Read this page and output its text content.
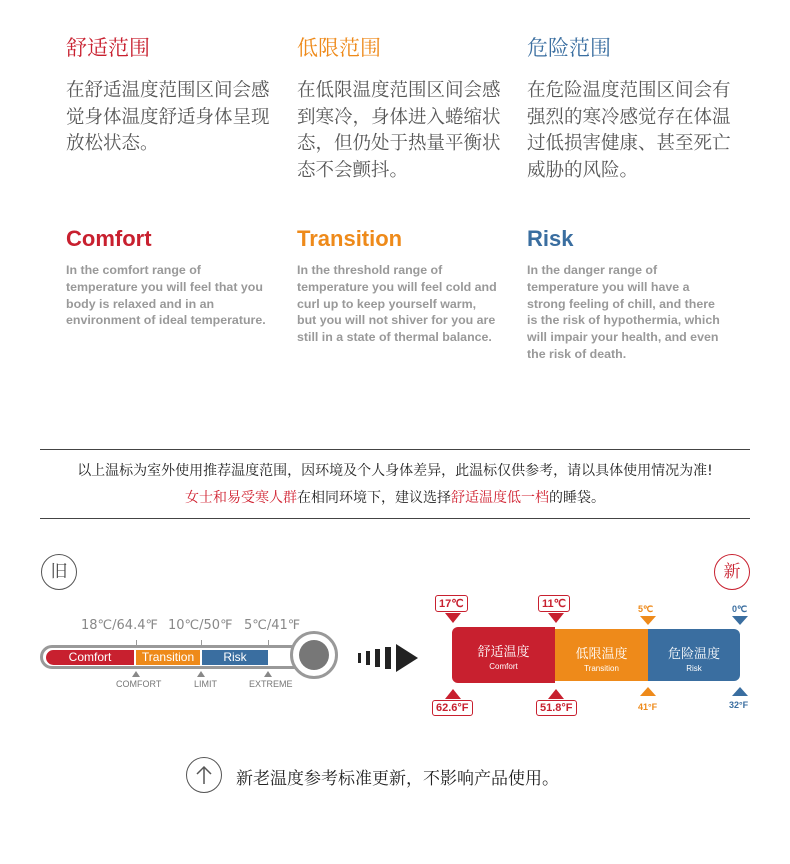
舒适范围
在舒适温度范围区间会感觉身体温度舒适身体呈现放松状态。
Comfort
In the comfort range of temperature you will feel that you body is relaxed and in an environment of ideal temperature.
低限范围
在低限温度范围区间会感到寒冷，身体进入蜷缩状态，但仍处于热量平衡状态不会颤抖。
Transition
In the threshold range of temperature you will feel cold and curl up to keep yourself warm, but you will not shiver for you are still in a state of thermal balance.
危险范围
在危险温度范围区间会有强烈的寒冷感觉存在体温过低损害健康、甚至死亡威胁的风险。
Risk
In the danger range of temperature you will have a strong feeling of chill, and there is the risk of hypothermia, which will impair your health, and even the risk of death.
以上温标为室外使用推荐温度范围，因环境及个人身体差异，此温标仅供参考，请以具体使用情况为准!
女士和易受寒人群在相同环境下，建议选择舒适温度低一档的睡袋。
旧	新
18℃/64.4℉ 10℃/50℉ 5℃/41℉
Comfort	Transition	Risk
COMFORT	LIMIT	EXTREME
舒适温度
Comfort
低限温度
Transition
危险温度
Risk
17℃	11℃	5℃	0℃
62.6°F	51.8°F	41°F	32°F
新老温度参考标准更新，不影响产品使用。
